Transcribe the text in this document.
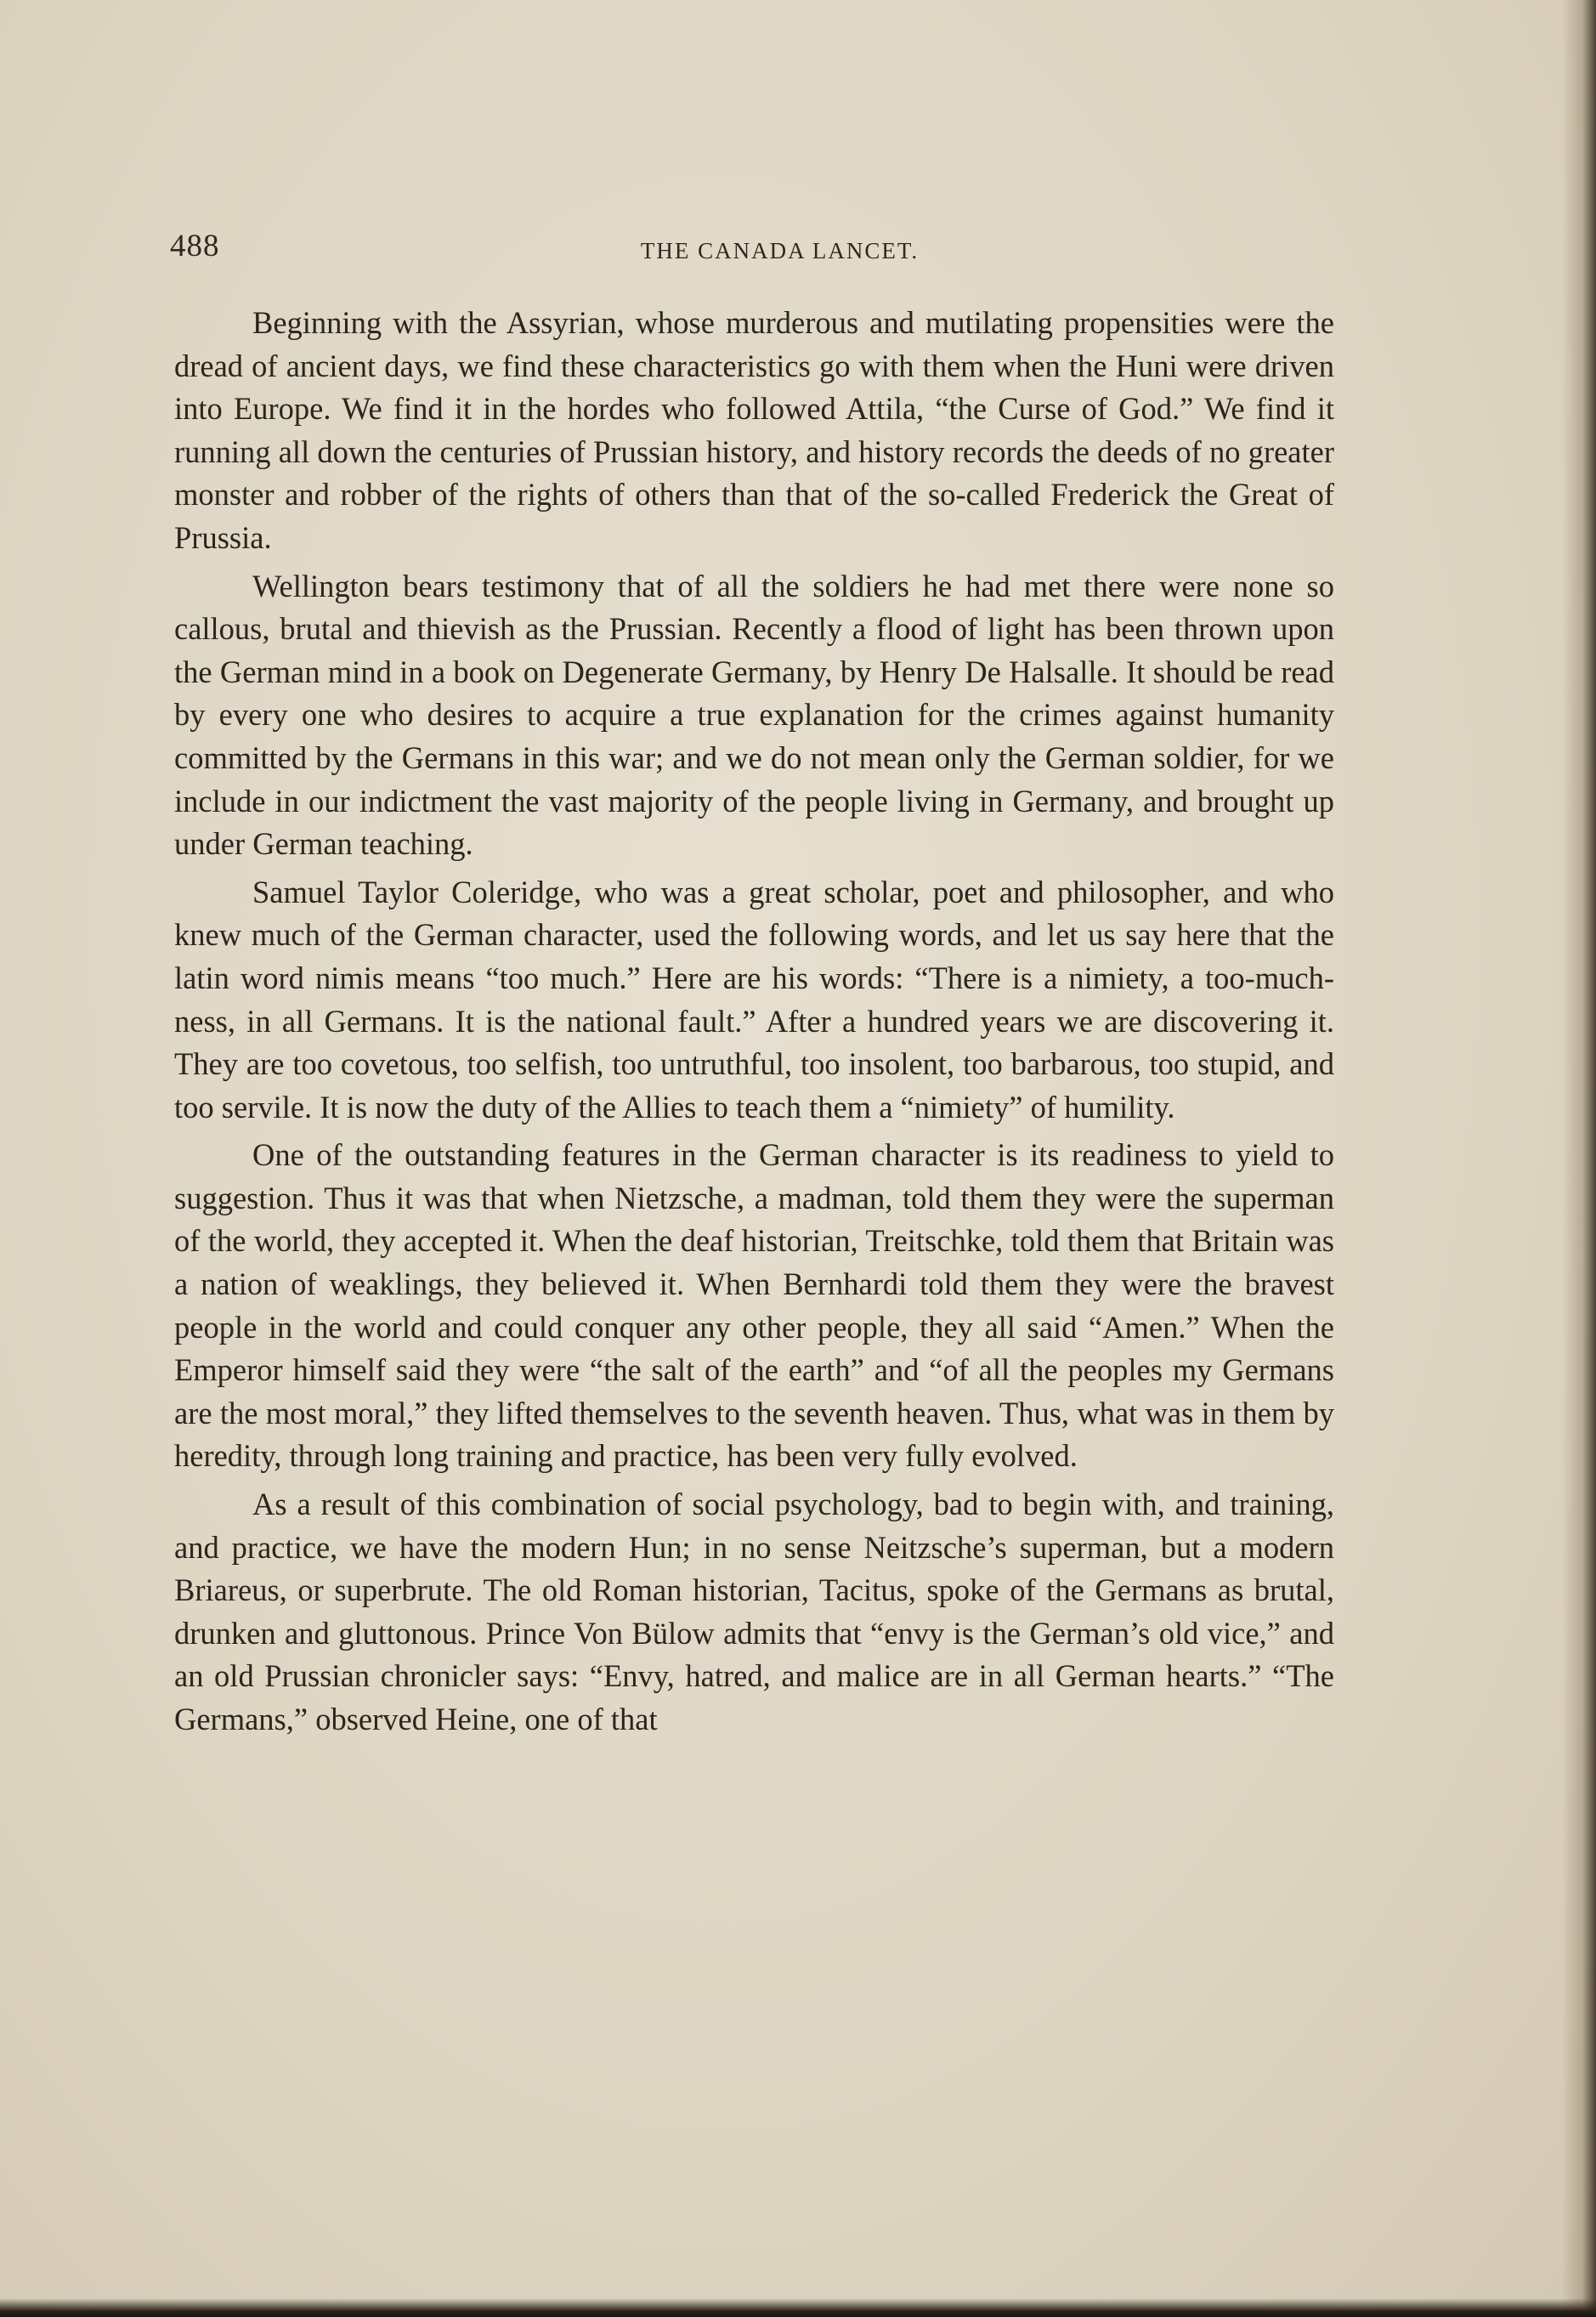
488	THE CANADA LANCET.

Beginning with the Assyrian, whose murderous and mutilating propensities were the dread of ancient days, we find these characteristics go with them when the Huni were driven into Europe. We find it in the hordes who followed Attila, “the Curse of God.” We find it running all down the centuries of Prussian history, and history records the deeds of no greater monster and robber of the rights of others than that of the so-called Frederick the Great of Prussia.

Wellington bears testimony that of all the soldiers he had met there were none so callous, brutal and thievish as the Prussian. Recently a flood of light has been thrown upon the German mind in a book on Degenerate Germany, by Henry De Halsalle. It should be read by every one who desires to acquire a true explanation for the crimes against humanity committed by the Germans in this war; and we do not mean only the German soldier, for we include in our indictment the vast majority of the people living in Germany, and brought up under German teaching.

Samuel Taylor Coleridge, who was a great scholar, poet and philosopher, and who knew much of the German character, used the following words, and let us say here that the latin word nimis means “too much.” Here are his words: “There is a nimiety, a too-much-ness, in all Germans. It is the national fault.” After a hundred years we are discovering it. They are too covetous, too selfish, too untruthful, too insolent, too barbarous, too stupid, and too servile. It is now the duty of the Allies to teach them a “nimiety” of humility.

One of the outstanding features in the German character is its readiness to yield to suggestion. Thus it was that when Nietzsche, a madman, told them they were the superman of the world, they accepted it. When the deaf historian, Treitschke, told them that Britain was a nation of weaklings, they believed it. When Bernhardi told them they were the bravest people in the world and could conquer any other people, they all said “Amen.” When the Emperor himself said they were “the salt of the earth” and “of all the peoples my Germans are the most moral,” they lifted themselves to the seventh heaven. Thus, what was in them by heredity, through long training and practice, has been very fully evolved.

As a result of this combination of social psychology, bad to begin with, and training, and practice, we have the modern Hun; in no sense Neitzsche’s superman, but a modern Briareus, or superbrute. The old Roman historian, Tacitus, spoke of the Germans as brutal, drunken and gluttonous. Prince Von Bülow admits that “envy is the German’s old vice,” and an old Prussian chronicler says: “Envy, hatred, and malice are in all German hearts.” “The Germans,” observed Heine, one of that
